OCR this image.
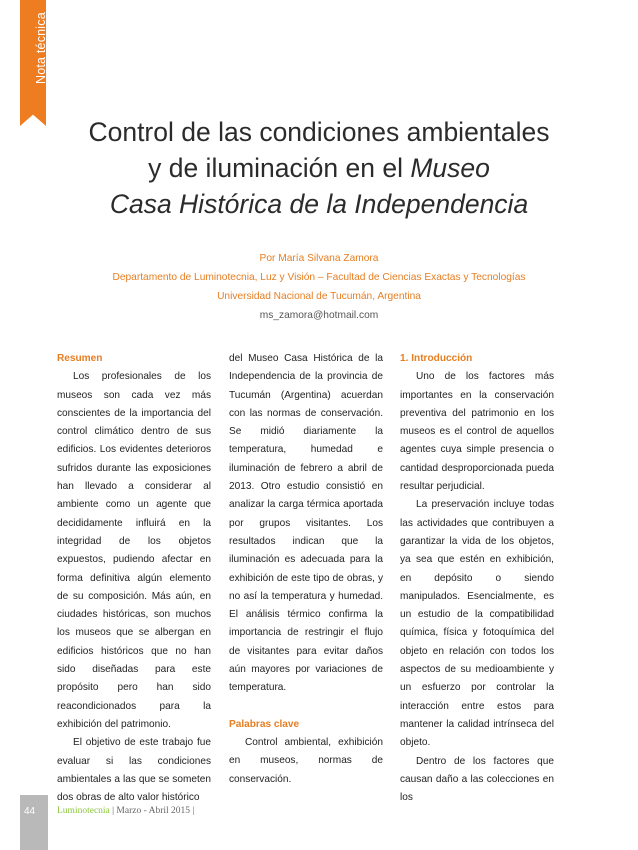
Nota técnica
Control de las condiciones ambientales
y de iluminación en el Museo
Casa Histórica de la Independencia
Por María Silvana Zamora
Departamento de Luminotecnia, Luz y Visión – Facultad de Ciencias Exactas y Tecnologías
Universidad Nacional de Tucumán, Argentina
ms_zamora@hotmail.com
Resumen

Los profesionales de los museos son cada vez más conscientes de la importancia del control climático dentro de sus edificios. Los evidentes deterioros sufridos durante las exposiciones han llevado a considerar al ambiente como un agente que decididamente influirá en la integridad de los objetos expuestos, pudiendo afectar en forma definitiva algún elemento de su composición. Más aún, en ciudades históricas, son muchos los museos que se albergan en edificios históricos que no han sido diseñadas para este propósito pero han sido reacondicionados para la exhibición del patrimonio.

El objetivo de este trabajo fue evaluar si las condiciones ambientales a las que se someten dos obras de alto valor histórico

del Museo Casa Histórica de la Independencia de la provincia de Tucumán (Argentina) acuerdan con las normas de conservación. Se midió diariamente la temperatura, humedad e iluminación de febrero a abril de 2013. Otro estudio consistió en analizar la carga térmica aportada por grupos visitantes. Los resultados indican que la iluminación es adecuada para la exhibición de este tipo de obras, y no así la temperatura y humedad. El análisis térmico confirma la importancia de restringir el flujo de visitantes para evitar daños aún mayores por variaciones de temperatura.

Palabras clave

Control ambiental, exhibición en museos, normas de conservación.

1. Introducción

Uno de los factores más importantes en la conservación preventiva del patrimonio en los museos es el control de aquellos agentes cuya simple presencia o cantidad desproporcionada pueda resultar perjudicial.

La preservación incluye todas las actividades que contribuyen a garantizar la vida de los objetos, ya sea que estén en exhibición, en depósito o siendo manipulados. Esencialmente, es un estudio de la compatibilidad química, física y fotoquímica del objeto en relación con todos los aspectos de su medioambiente y un esfuerzo por controlar la interacción entre estos para mantener la calidad intrínseca del objeto.

Dentro de los factores que causan daño a las colecciones en los

44 Luminotecnia | Marzo - Abril 2015 |
